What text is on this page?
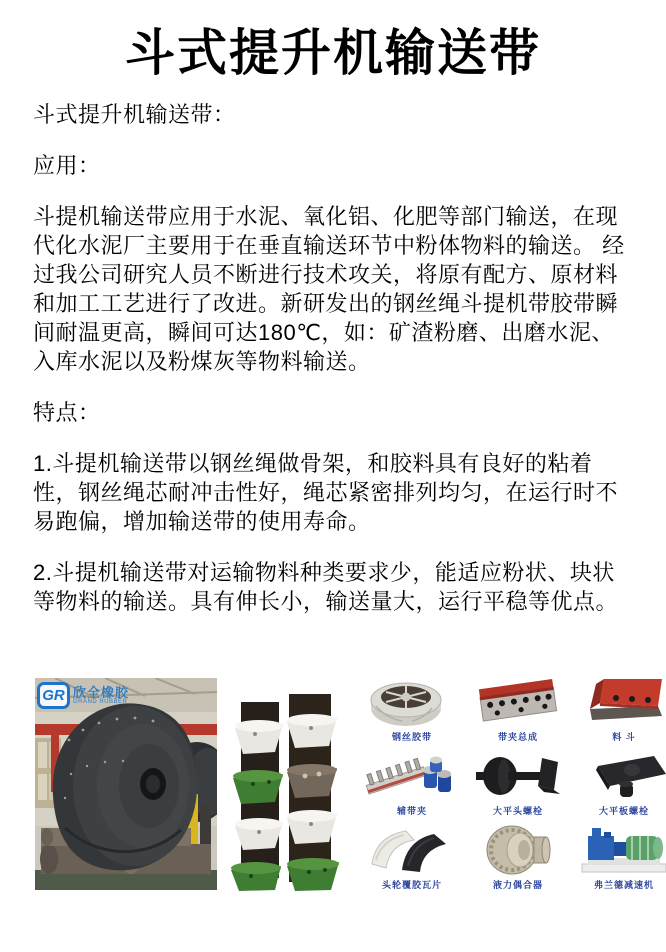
斗式提升机输送带
斗式提升机输送带：
应用：
斗提机输送带应用于水泥、氧化铝、化肥等部门输送，在现代化水泥厂主要用于在垂直输送环节中粉体物料的输送。 经过我公司研究人员不断进行技术攻关，将原有配方、原材料和加工工艺进行了改进。新研发出的钢丝绳斗提机带胶带瞬间耐温更高，瞬间可达180℃，如：矿渣粉磨、出磨水泥、入库水泥以及粉煤灰等物料输送。
特点：
1.斗提机输送带以钢丝绳做骨架，和胶料具有良好的粘着性，钢丝绳芯耐冲击性好，绳芯紧密排列均匀，在运行时不易跑偏，增加输送带的使用寿命。
2.斗提机输送带对运输物料种类要求少，能适应粉状、块状等物料的输送。具有伸长小，输送量大，运行平稳等优点。
GR 欣全橡胶
GRAND RUBBER
钢丝胶带	带夹总成	料 斗
辅带夹	大平头螺栓	大平板螺栓
头轮覆胶瓦片	液力偶合器	弗兰德减速机
